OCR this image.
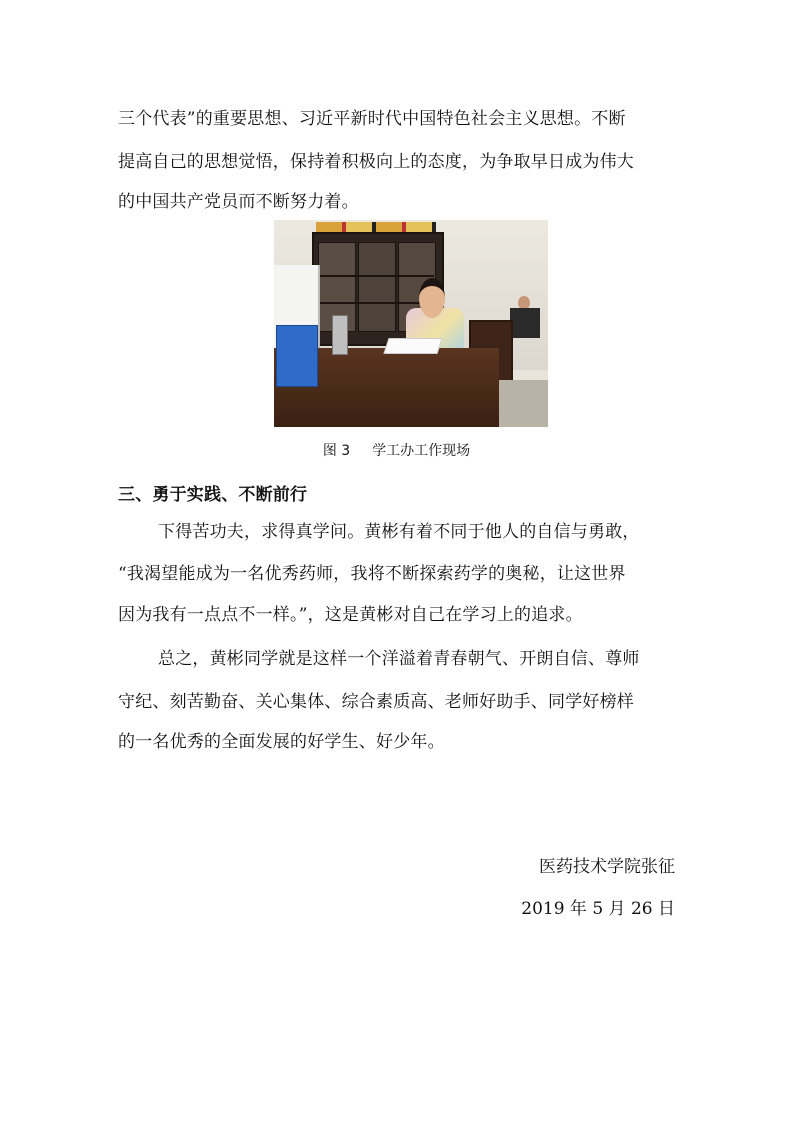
三个代表”的重要思想、习近平新时代中国特色社会主义思想。不断
提高自己的思想觉悟，保持着积极向上的态度，为争取早日成为伟大
的中国共产党员而不断努力着。
图 3 学工办工作现场
三、勇于实践、不断前行
下得苦功夫，求得真学问。黄彬有着不同于他人的自信与勇敢，
“我渴望能成为一名优秀药师，我将不断探索药学的奥秘，让这世界
因为我有一点点不一样。”，这是黄彬对自己在学习上的追求。
总之，黄彬同学就是这样一个洋溢着青春朝气、开朗自信、尊师
守纪、刻苦勤奋、关心集体、综合素质高、老师好助手、同学好榜样
的一名优秀的全面发展的好学生、好少年。
医药技术学院张征
2019 年 5 月 26 日
